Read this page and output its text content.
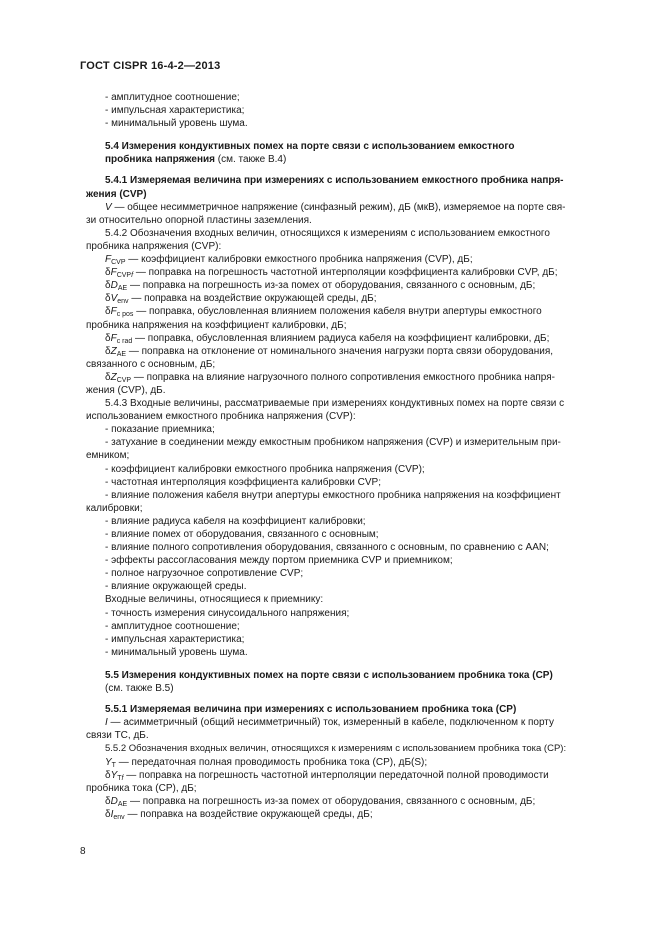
ГОСТ CISPR 16-4-2—2013
- амплитудное соотношение;
- импульсная характеристика;
- минимальный уровень шума.
5.4 Измерения кондуктивных помех на порте связи с использованием емкостного
пробника напряжения (см. также В.4)
5.4.1 Измеряемая величина при измерениях с использованием емкостного пробника напря-
жения (CVP)
V — общее несимметричное напряжение (синфазный режим), дБ (мкВ), измеряемое на порте свя-
зи относительно опорной пластины заземления.
5.4.2 Обозначения входных величин, относящихся к измерениям с использованием емкостного
пробника напряжения (CVP):
$F_{CVP}$ — коэффициент калибровки емкостного пробника напряжения (CVP), дБ;
$\delta F_{CVPf}$ — поправка на погрешность частотной интерполяции коэффициента калибровки CVP, дБ;
$\delta D_{AE}$ — поправка на погрешность из-за помех от оборудования, связанного с основным, дБ;
$\delta V_{env}$ — поправка на воздействие окружающей среды, дБ;
$\delta F_{c pos}$ — поправка, обусловленная влиянием положения кабеля внутри апертуры емкостного
пробника напряжения на коэффициент калибровки, дБ;
$\delta F_{c rad}$ — поправка, обусловленная влиянием радиуса кабеля на коэффициент калибровки, дБ;
$\delta Z_{AE}$ — поправка на отклонение от номинального значения нагрузки порта связи оборудования,
связанного с основным, дБ;
$\delta Z_{CVP}$ — поправка на влияние нагрузочного полного сопротивления емкостного пробника напря-
жения (CVP), дБ.
5.4.3 Входные величины, рассматриваемые при измерениях кондуктивных помех на порте связи с
использованием емкостного пробника напряжения (CVP):
- показание приемника;
- затухание в соединении между емкостным пробником напряжения (CVP) и измерительным при-
емником;
- коэффициент калибровки емкостного пробника напряжения (CVP);
- частотная интерполяция коэффициента калибровки CVP;
- влияние положения кабеля внутри апертуры емкостного пробника напряжения на коэффициент
калибровки;
- влияние радиуса кабеля на коэффициент калибровки;
- влияние помех от оборудования, связанного с основным;
- влияние полного сопротивления оборудования, связанного с основным, по сравнению с AAN;
- эффекты рассогласования между портом приемника CVP и приемником;
- полное нагрузочное сопротивление CVP;
- влияние окружающей среды.
Входные величины, относящиеся к приемнику:
- точность измерения синусоидального напряжения;
- амплитудное соотношение;
- импульсная характеристика;
- минимальный уровень шума.
5.5 Измерения кондуктивных помех на порте связи с использованием пробника тока (CP)
(см. также В.5)
5.5.1 Измеряемая величина при измерениях с использованием пробника тока (CP)
I — асимметричный (общий несимметричный) ток, измеренный в кабеле, подключенном к порту
связи ТС, дБ.
5.5.2 Обозначения входных величин, относящихся к измерениям с использованием пробника тока (CP):
$Y_T$ — передаточная полная проводимость пробника тока (CP), дБ(S);
$\delta Y_{Tf}$ — поправка на погрешность частотной интерполяции передаточной полной проводимости
пробника тока (CP), дБ;
$\delta D_{AE}$ — поправка на погрешность из-за помех от оборудования, связанного с основным, дБ;
$\delta I_{env}$ — поправка на воздействие окружающей среды, дБ;
8
